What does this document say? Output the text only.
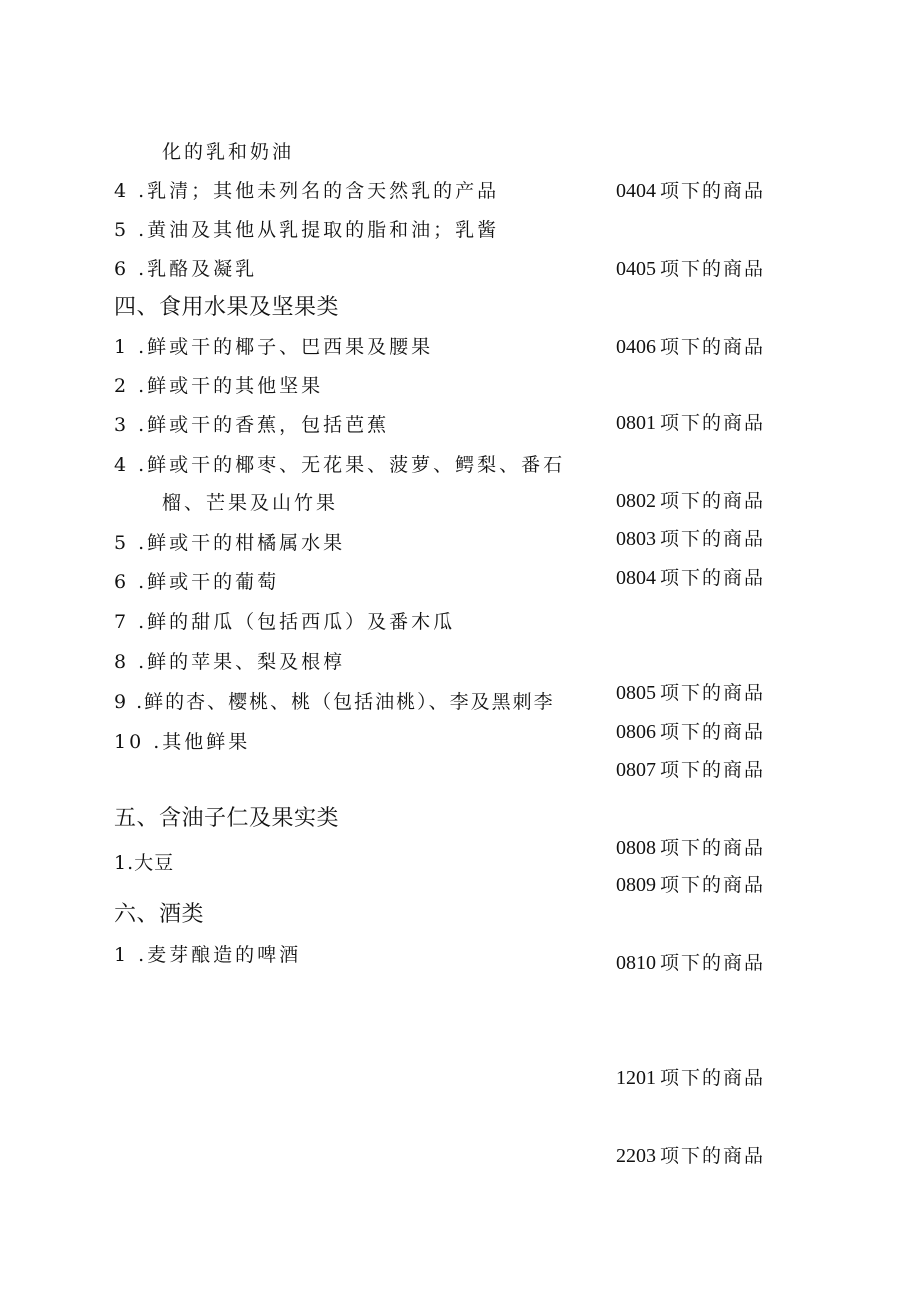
化的乳和奶油
4 .乳清；其他未列名的含天然乳的产品
5 .黄油及其他从乳提取的脂和油；乳酱
6 .乳酪及凝乳
四、食用水果及坚果类
1 .鲜或干的椰子、巴西果及腰果
2 .鲜或干的其他坚果
3 .鲜或干的香蕉，包括芭蕉
4 .鲜或干的椰枣、无花果、菠萝、鳄梨、番石
榴、芒果及山竹果
5 .鲜或干的柑橘属水果
6 .鲜或干的葡萄
7 .鲜的甜瓜（包括西瓜）及番木瓜
8 .鲜的苹果、梨及根椁
9 .鲜的杏、樱桃、桃（包括油桃）、李及黑刺李
10 .其他鲜果
五、含油子仁及果实类
1.大豆
六、酒类
1 .麦芽酿造的啤酒
0404 项下的商品
0405 项下的商品
0406 项下的商品
0801 项下的商品
0802 项下的商品
0803 项下的商品
0804 项下的商品
0805 项下的商品
0806 项下的商品
0807 项下的商品
0808 项下的商品
0809 项下的商品
0810 项下的商品
1201 项下的商品
2203 项下的商品
